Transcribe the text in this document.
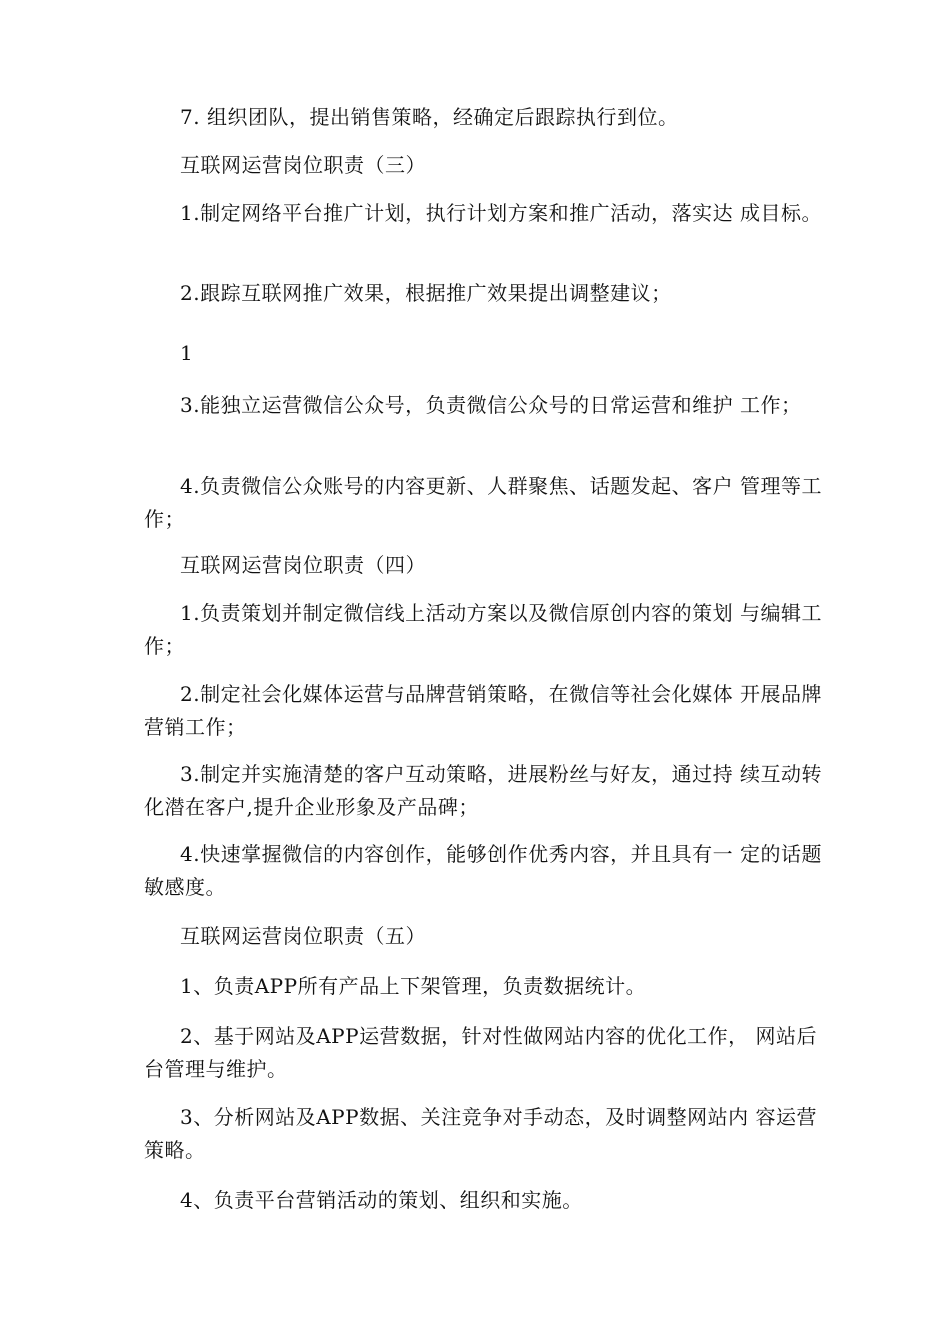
7. 组织团队，提出销售策略，经确定后跟踪执行到位。

互联网运营岗位职责（三）

1.制定网络平台推广计划，执行计划方案和推广活动，落实达 成目标。

2.跟踪互联网推广效果，根据推广效果提出调整建议；

1

3.能独立运营微信公众号，负责微信公众号的日常运营和维护 工作；

4.负责微信公众账号的内容更新、人群聚焦、话题发起、客户 管理等工作；

互联网运营岗位职责（四）

1.负责策划并制定微信线上活动方案以及微信原创内容的策划 与编辑工作；

2.制定社会化媒体运营与品牌营销策略，在微信等社会化媒体 开展品牌营销工作；

3.制定并实施清楚的客户互动策略，进展粉丝与好友，通过持 续互动转化潜在客户,提升企业形象及产品碑；

4.快速掌握微信的内容创作，能够创作优秀内容，并且具有一 定的话题敏感度。

互联网运营岗位职责（五）

1、负责APP所有产品上下架管理，负责数据统计。

2、基于网站及APP运营数据，针对性做网站内容的优化工作， 网站后台管理与维护。

3、分析网站及APP数据、关注竞争对手动态，及时调整网站内 容运营策略。

4、负责平台营销活动的策划、组织和实施。
